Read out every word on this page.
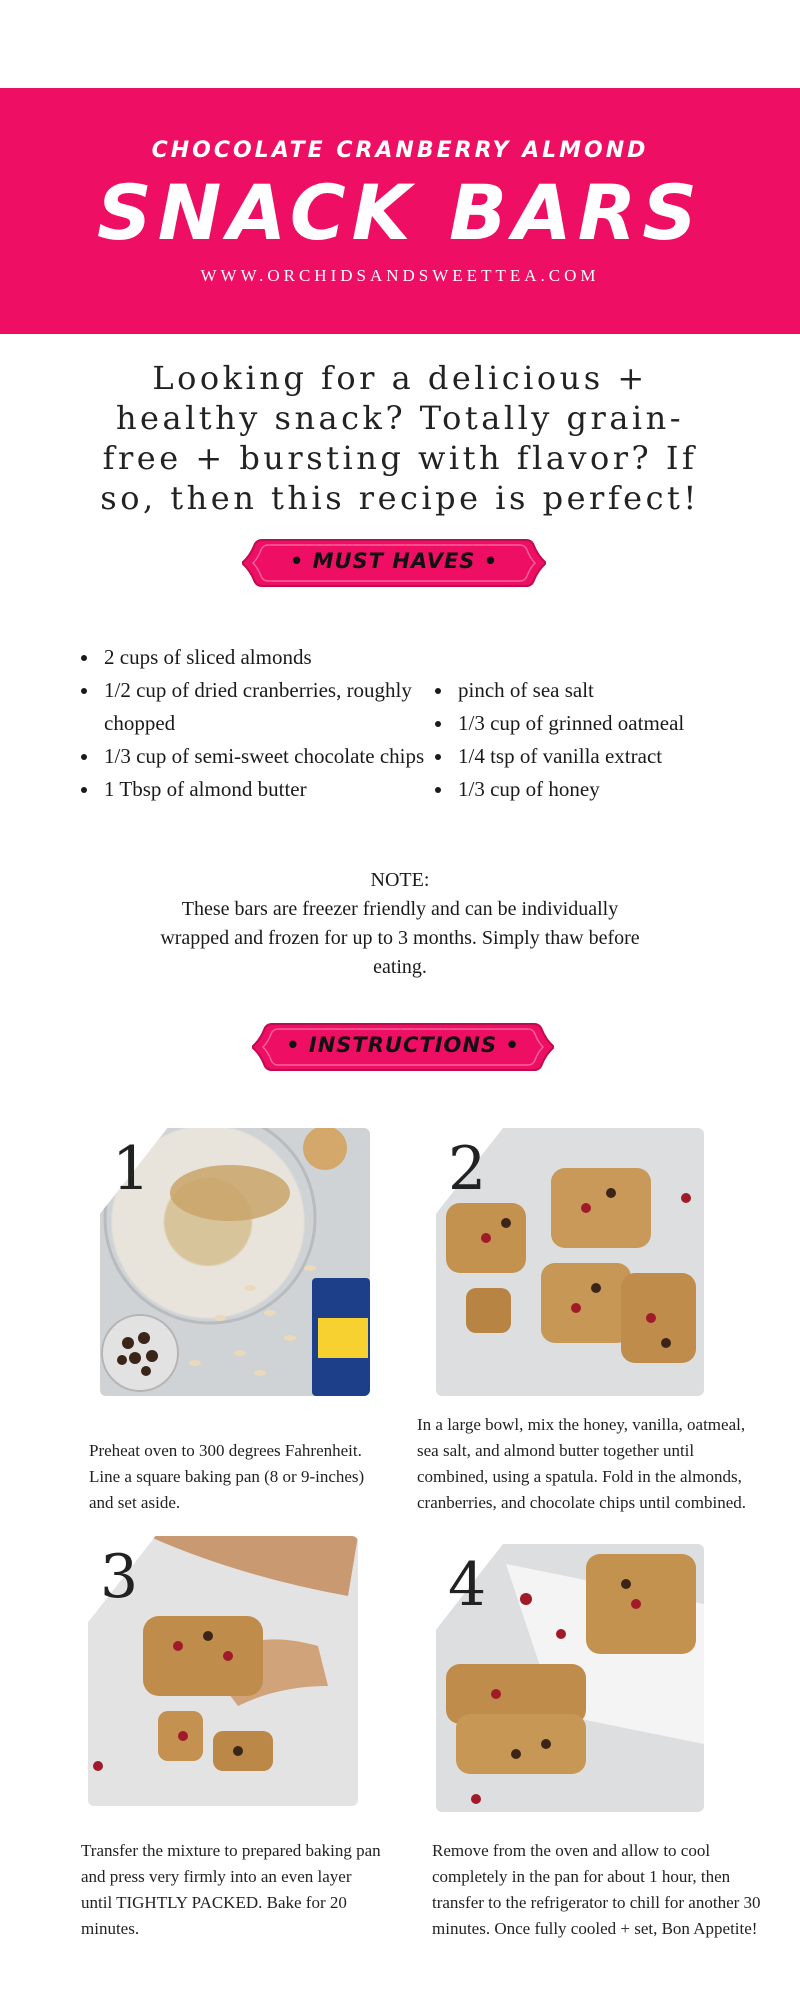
CHOCOLATE CRANBERRY ALMOND
SNACK BARS
WWW.ORCHIDSANDSWEETTEA.COM
Looking for a delicious + healthy snack? Totally grain-free + bursting with flavor? If so, then this recipe is perfect!
• MUST HAVES •
• 2 cups of sliced almonds
• 1/2 cup of dried cranberries, roughly chopped
• 1/3 cup of semi-sweet chocolate chips
• 1 Tbsp of almond butter
• pinch of sea salt
• 1/3 cup of grinned oatmeal
• 1/4 tsp of vanilla extract
• 1/3 cup of honey
NOTE:
These bars are freezer friendly and can be individually wrapped and frozen for up to 3 months. Simply thaw before eating.
• INSTRUCTIONS •
1
Preheat oven to 300 degrees Fahrenheit. Line a square baking pan (8 or 9-inches) and set aside.
2
In a large bowl, mix the honey, vanilla, oatmeal, sea salt, and almond butter together until combined, using a spatula. Fold in the almonds, cranberries, and chocolate chips until combined.
3
Transfer the mixture to prepared baking pan and press very firmly into an even layer until TIGHTLY PACKED. Bake for 20 minutes.
4
Remove from the oven and allow to cool completely in the pan for about 1 hour, then transfer to the refrigerator to chill for another 30 minutes. Once fully cooled + set, Bon Appetite!
